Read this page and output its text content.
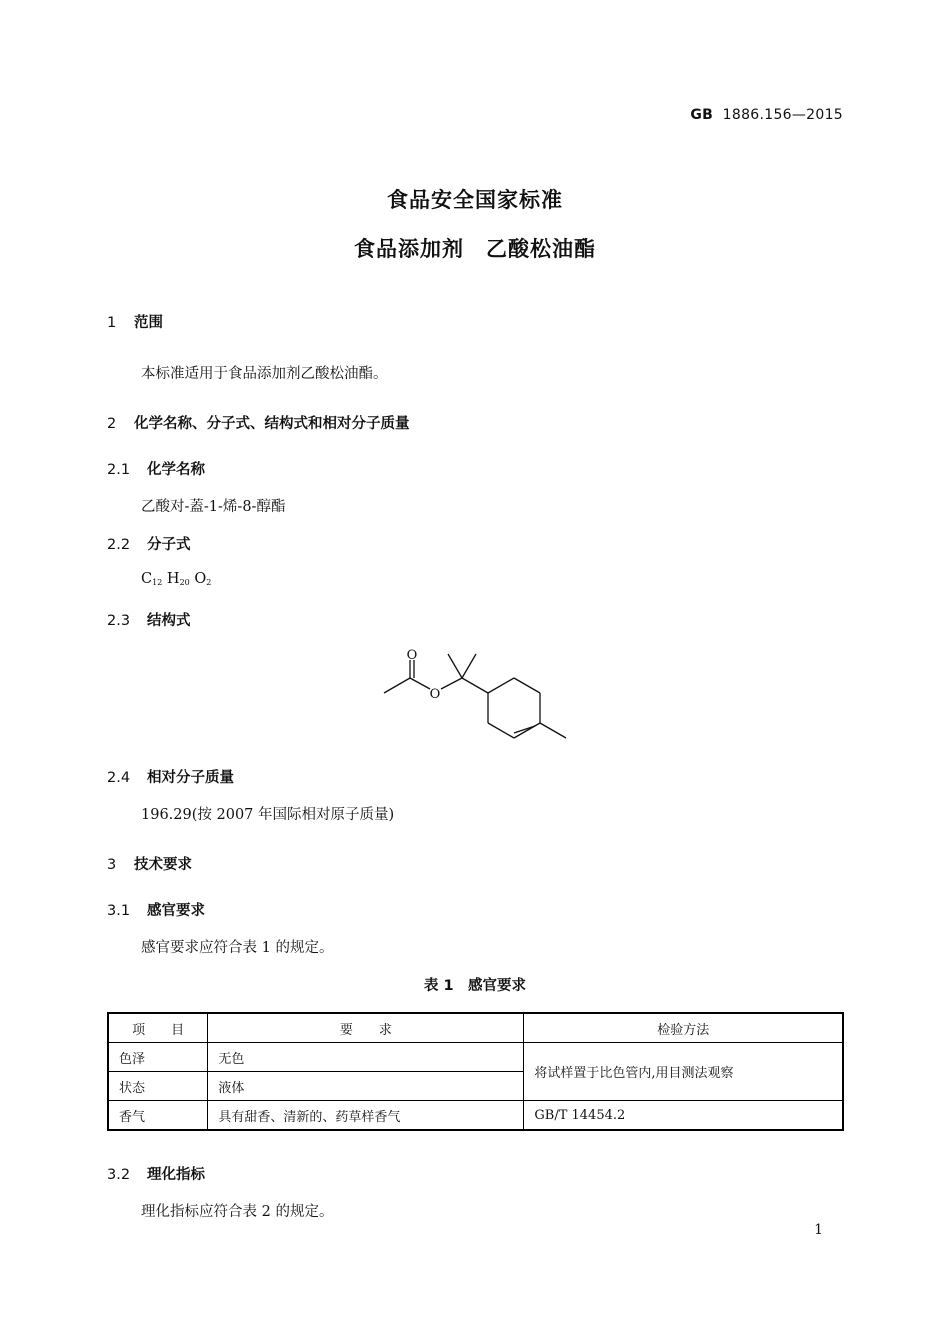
GB 1886.156—2015
食品安全国家标准
食品添加剂　乙酸松油酯
1 范围
本标准适用于食品添加剂乙酸松油酯。
2 化学名称、分子式、结构式和相对分子质量
2.1 化学名称
乙酸对-蓋-1-烯-8-醇酯
2.2 分子式
$C_{12}$ $H_{20}$ $O_2$
2.3 结构式
O
O
2.4 相对分子质量
196.29(按 2007 年国际相对原子质量)
3 技术要求
3.1 感官要求
感官要求应符合表 1 的规定。
表 1　感官要求
项　　目	要　　求	检验方法
色泽	无色	将试样置于比色管内,用目测法观察
状态	液体	
香气	具有甜香、清新的、药草样香气	GB/T 14454.2
3.2 理化指标
理化指标应符合表 2 的规定。
1
